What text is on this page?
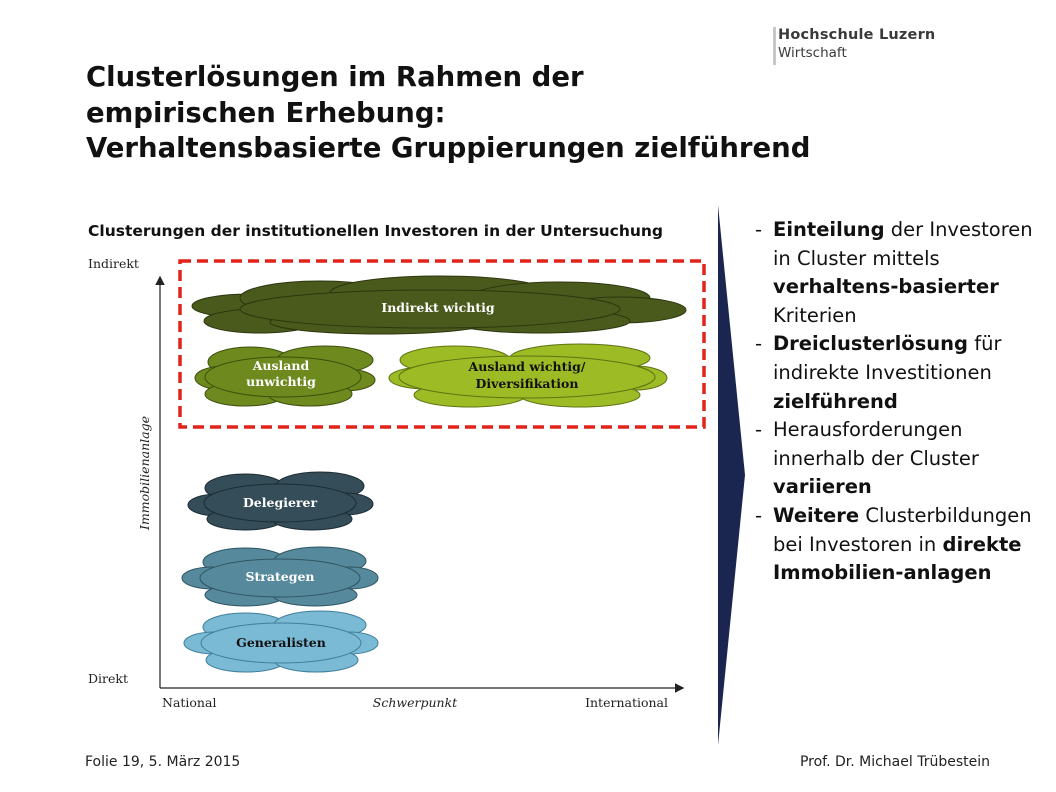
Hochschule Luzern
Wirtschaft
Clusterlösungen im Rahmen der
empirischen Erhebung:
Verhaltensbasierte Gruppierungen zielführend
Clusterungen der institutionellen Investoren in der Untersuchung
Indirekt
Direkt
Immobilienanlage
National	Schwerpunkt	International
Indirekt wichtig
Ausland
unwichtig
Ausland wichtig/
Diversifikation
Delegierer
Strategen
Generalisten
- Einteilung der Investoren in Cluster mittels verhaltens-basierter Kriterien
- Dreiclusterlösung für indirekte Investitionen zielführend
- Herausforderungen innerhalb der Cluster variieren
- Weitere Clusterbildungen bei Investoren in direkte Immobilien-anlagen
Folie 19, 5. März 2015	Prof. Dr. Michael Trübestein
